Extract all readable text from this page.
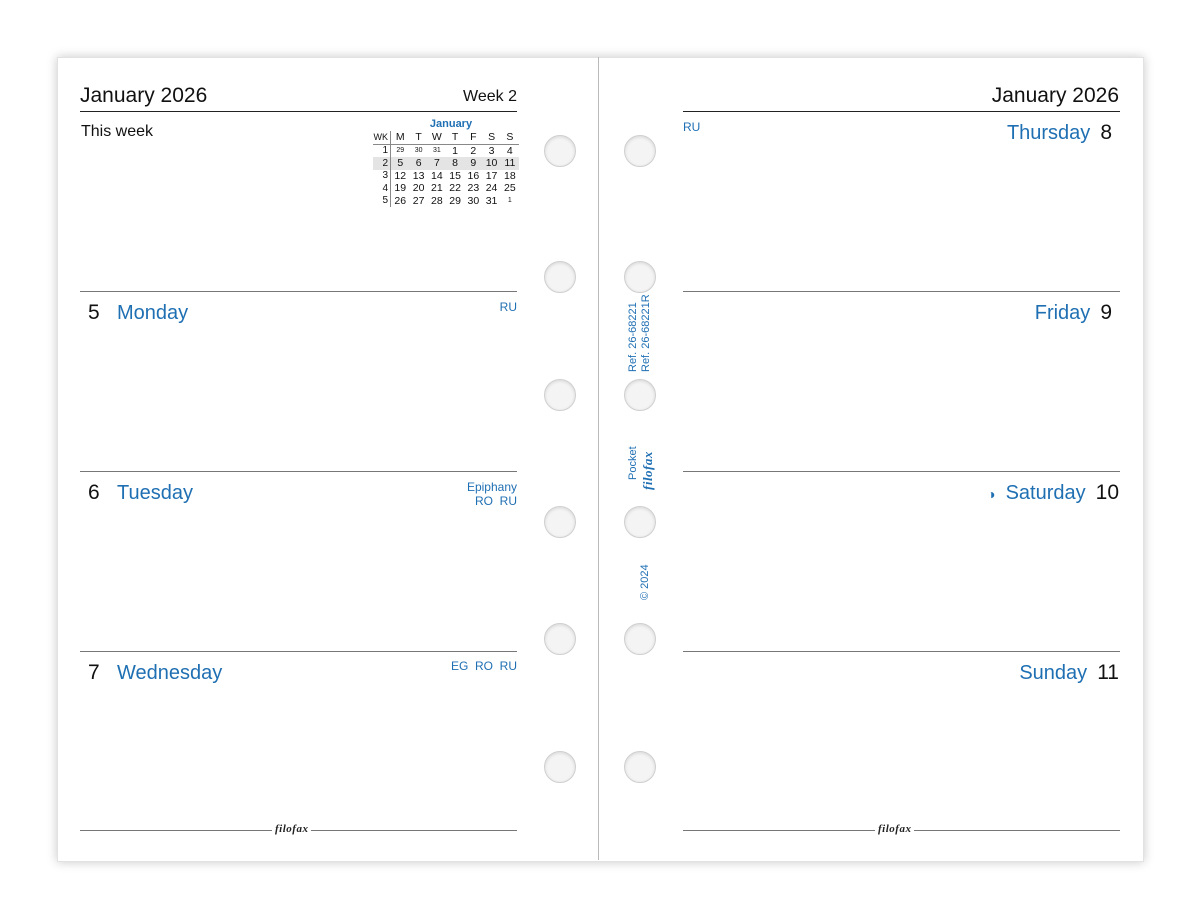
January 2026	Week 2
This week	January
WK	M	T	W	T	F	S	S
1	29	30	31	1	2	3	4
2	5	6	7	8	9	10	11
3	12	13	14	15	16	17	18
4	19	20	21	22	23	24	25
5	26	27	28	29	30	31	1
5 Monday	RU
6 Tuesday	Epiphany
RO  RU
7 Wednesday	EG  RO  RU
filofax
January 2026
RU	Thursday 8
Friday 9
◑ Saturday 10
Sunday 11
filofax
Ref. 26-68221 Ref. 26-68221R
Pocket filofax
© 2024
